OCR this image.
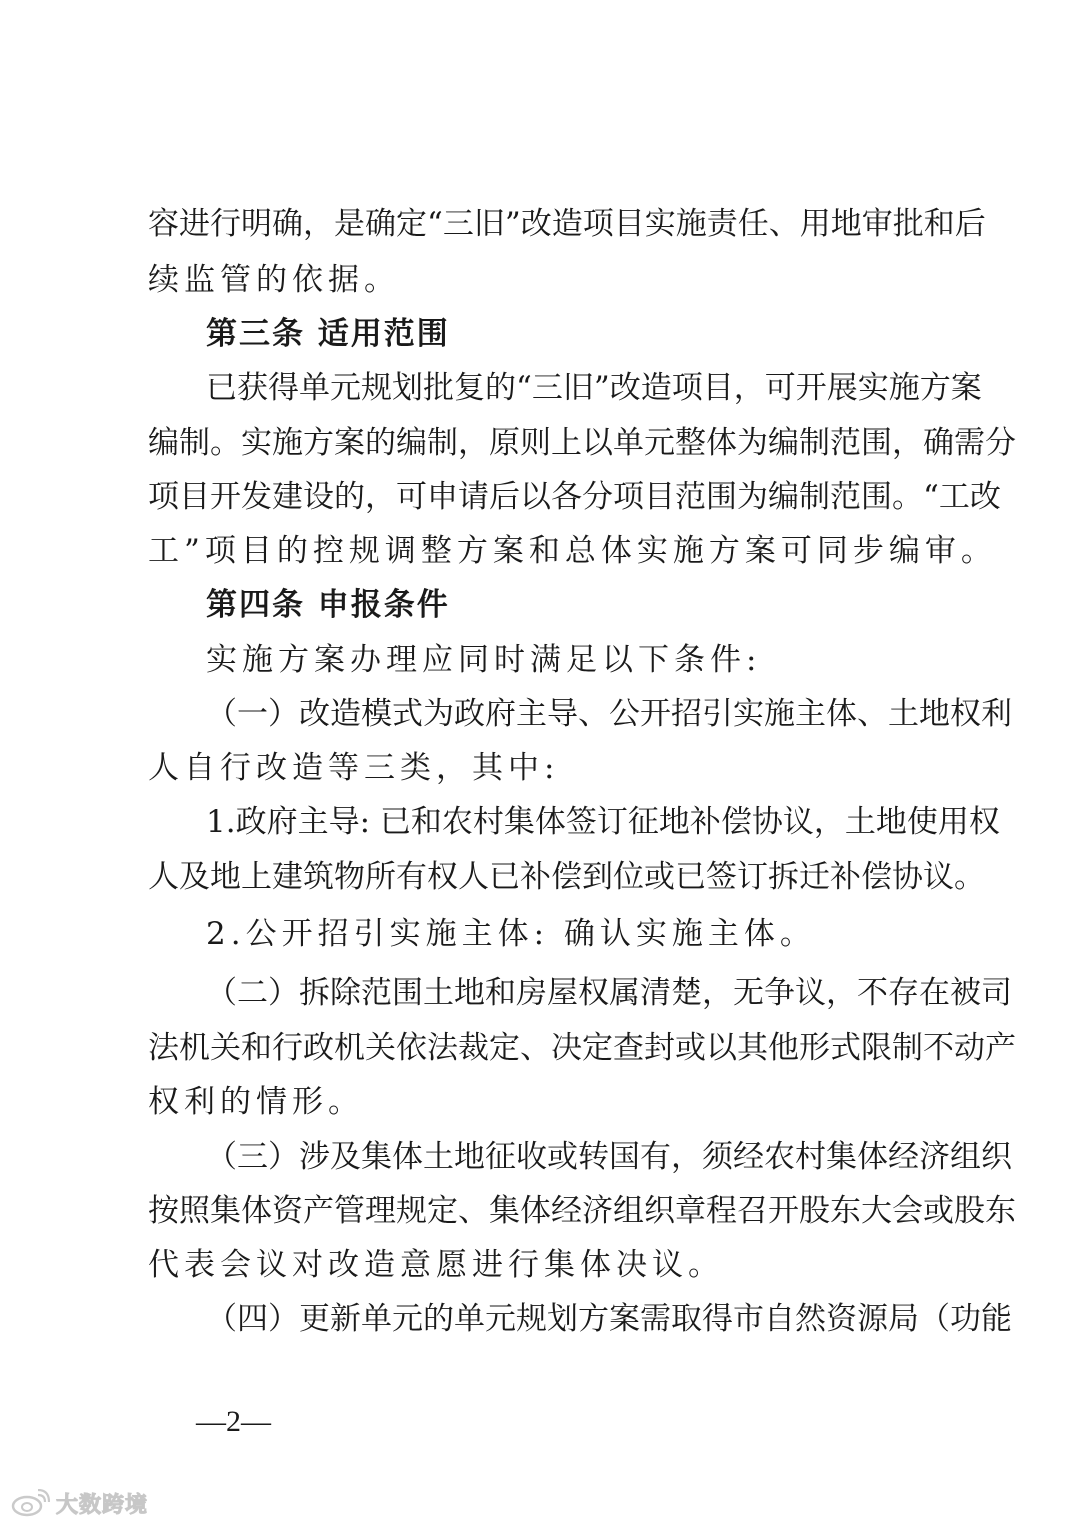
容进行明确，是确定“三旧”改造项目实施责任、用地审批和后
续监管的依据。
第三条 适用范围
已获得单元规划批复的“三旧”改造项目，可开展实施方案
编制。实施方案的编制，原则上以单元整体为编制范围，确需分
项目开发建设的，可申请后以各分项目范围为编制范围。“工改
工”项目的控规调整方案和总体实施方案可同步编审。
第四条 申报条件
实施方案办理应同时满足以下条件:
（一）改造模式为政府主导、公开招引实施主体、土地权利
人自行改造等三类，其中:
1.政府主导: 已和农村集体签订征地补偿协议，土地使用权
人及地上建筑物所有权人已补偿到位或已签订拆迁补偿协议。
2.公开招引实施主体: 确认实施主体。
（二）拆除范围土地和房屋权属清楚，无争议，不存在被司
法机关和行政机关依法裁定、决定查封或以其他形式限制不动产
权利的情形。
（三）涉及集体土地征收或转国有，须经农村集体经济组织
按照集体资产管理规定、集体经济组织章程召开股东大会或股东
代表会议对改造意愿进行集体决议。
（四）更新单元的单元规划方案需取得市自然资源局（功能
—2—
大数跨境
